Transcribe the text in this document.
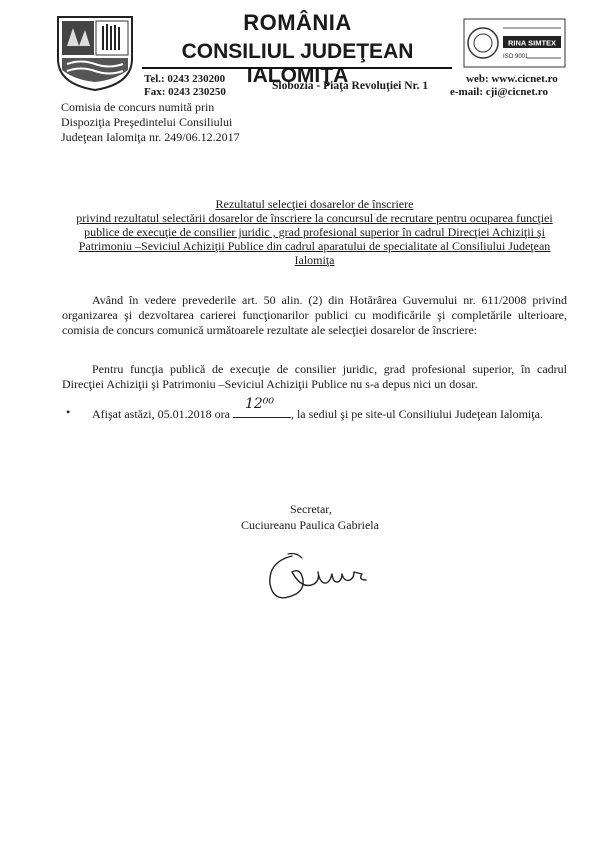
ROMÂNIA
CONSILIUL JUDEŢEAN IALOMIŢA
RINA SIMTEX
ISO 9001
Tel.: 0243 230200
Fax: 0243 230250	Slobozia - Piaţa Revoluţiei Nr. 1
web: www.cicnet.ro
e-mail: cji@cicnet.ro
Comisia de concurs numită prin
Dispoziţia Preşedintelui Consiliului
Judeţean Ialomiţa nr. 249/06.12.2017
Rezultatul selecţiei dosarelor de înscriere
privind rezultatul selectării dosarelor de înscriere la concursul de recrutare pentru ocuparea funcţiei
publice de execuţie de consilier juridic , grad profesional superior în cadrul Direcţiei Achiziţii şi
Patrimoniu –Seviciul Achiziţii Publice din cadrul aparatului de specialitate al Consiliului Judeţean
Ialomiţa
Având în vedere prevederile art. 50 alin. (2) din Hotărârea Guvernului nr. 611/2008 privind organizarea şi dezvoltarea carierei funcţionarilor publici cu modificările şi completările ulterioare, comisia de concurs comunică următoarele rezultate ale selecţiei dosarelor de înscriere:
Pentru funcţia publică de execuţie de consilier juridic, grad profesional superior, în cadrul Direcţiei Achiziţii şi Patrimoniu –Seviciul Achiziţii Publice nu s-a depus nici un dosar.
• Afişat astăzi, 05.01.2018 ora
12⁰⁰
, la sediul şi pe site-ul Consiliului Judeţean Ialomiţa.
Secretar,
Cuciureanu Paulica Gabriela
